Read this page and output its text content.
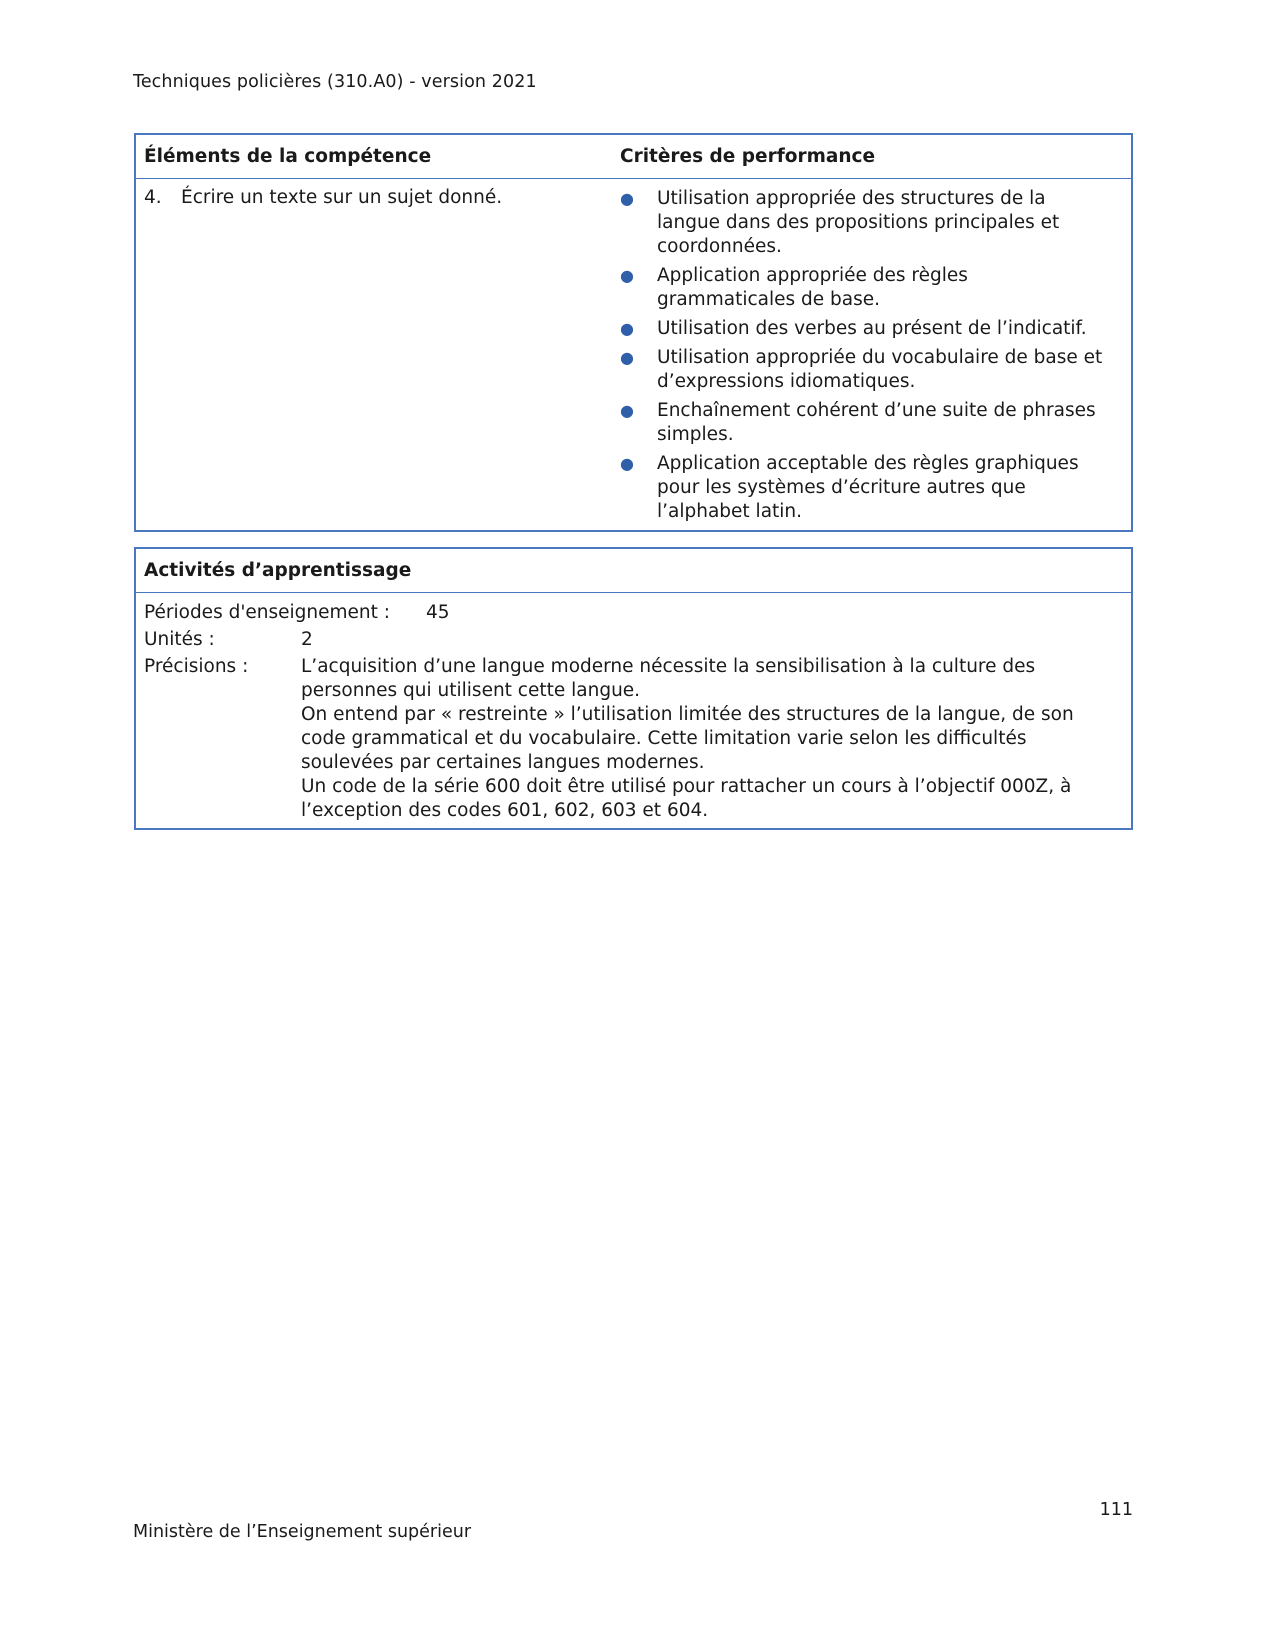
Techniques policières (310.A0) - version 2021
Éléments de la compétence	Critères de performance
4. Écrire un texte sur un sujet donné.	● Utilisation appropriée des structures de la langue dans des propositions principales et coordonnées.
● Application appropriée des règles grammaticales de base.
● Utilisation des verbes au présent de l’indicatif.
● Utilisation appropriée du vocabulaire de base et d’expressions idiomatiques.
● Enchaînement cohérent d’une suite de phrases simples.
● Application acceptable des règles graphiques pour les systèmes d’écriture autres que l’alphabet latin.
Activités d’apprentissage
Périodes d'enseignement : 45
Unités :	2
Précisions :	L’acquisition d’une langue moderne nécessite la sensibilisation à la culture des personnes qui utilisent cette langue.

On entend par « restreinte » l’utilisation limitée des structures de la langue, de son code grammatical et du vocabulaire. Cette limitation varie selon les difficultés soulevées par certaines langues modernes.

Un code de la série 600 doit être utilisé pour rattacher un cours à l’objectif 000Z, à l’exception des codes 601, 602, 603 et 604.

111
Ministère de l’Enseignement supérieur
